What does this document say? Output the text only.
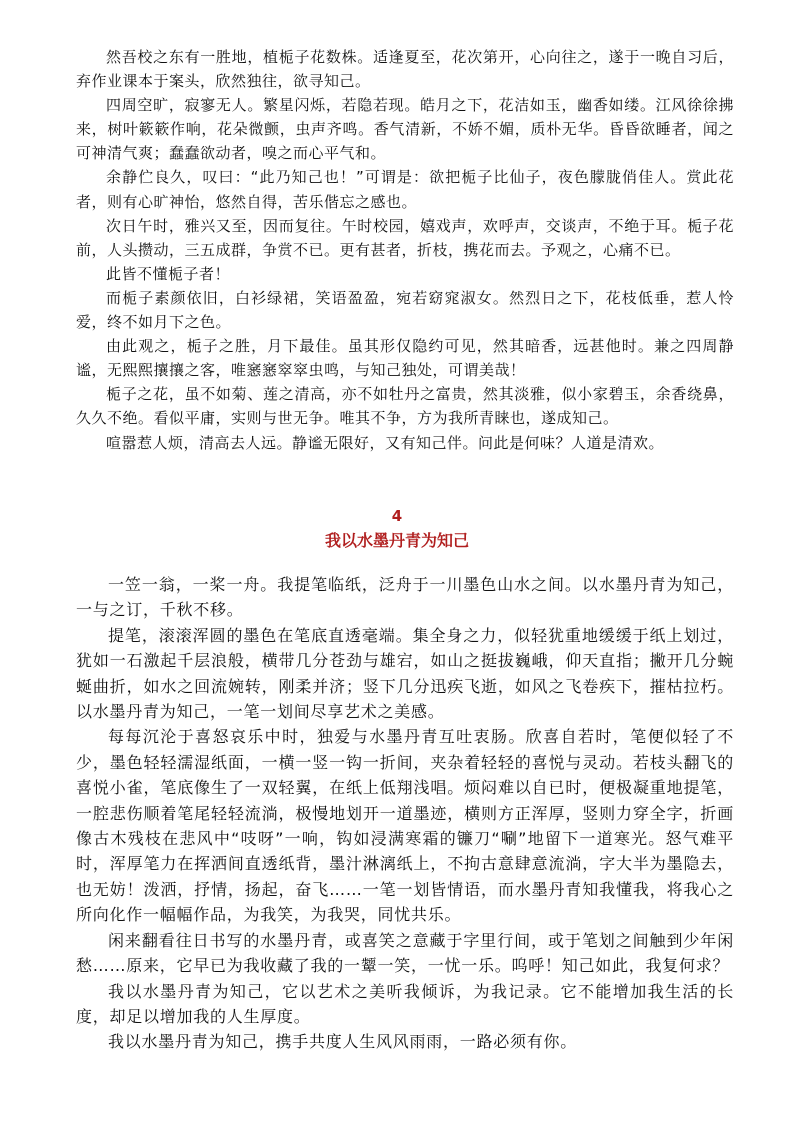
然吾校之东有一胜地，植栀子花数株。适逢夏至，花次第开，心向往之，遂于一晚自习后，弃作业课本于案头，欣然独往，欲寻知己。

四周空旷，寂寥无人。繁星闪烁，若隐若现。皓月之下，花洁如玉，幽香如缕。江风徐徐拂来，树叶簌簌作响，花朵微颤，虫声齐鸣。香气清新，不娇不媚，质朴无华。昏昏欲睡者，闻之可神清气爽；蠢蠢欲动者，嗅之而心平气和。

余静伫良久，叹曰：“此乃知己也！”可谓是：欲把栀子比仙子，夜色朦胧俏佳人。赏此花者，则有心旷神怡，悠然自得，苦乐偕忘之感也。

次日午时，雅兴又至，因而复往。午时校园，嬉戏声，欢呼声，交谈声，不绝于耳。栀子花前，人头攒动，三五成群，争赏不已。更有甚者，折枝，携花而去。予观之，心痛不已。

此皆不懂栀子者！

而栀子素颜依旧，白衫绿裙，笑语盈盈，宛若窈窕淑女。然烈日之下，花枝低垂，惹人怜爱，终不如月下之色。

由此观之，栀子之胜，月下最佳。虽其形仅隐约可见，然其暗香，远甚他时。兼之四周静谧，无熙熙攘攘之客，唯窸窸窣窣虫鸣，与知己独处，可谓美哉！

栀子之花，虽不如菊、莲之清高，亦不如牡丹之富贵，然其淡雅，似小家碧玉，余香绕鼻，久久不绝。看似平庸，实则与世无争。唯其不争，方为我所青睐也，遂成知己。

喧嚣惹人烦，清高去人远。静谧无限好，又有知己伴。问此是何味？人道是清欢。

4

我以水墨丹青为知己

一笠一翁，一桨一舟。我提笔临纸，泛舟于一川墨色山水之间。以水墨丹青为知己，一与之订，千秋不移。

提笔，滚滚浑圆的墨色在笔底直透毫端。集全身之力，似轻犹重地缓缓于纸上划过，犹如一石激起千层浪般，横带几分苍劲与雄宕，如山之挺拔巍峨，仰天直指；撇开几分蜿蜒曲折，如水之回流婉转，刚柔并济；竖下几分迅疾飞逝，如风之飞卷疾下，摧枯拉朽。以水墨丹青为知己，一笔一划间尽享艺术之美感。

每每沉沦于喜怒哀乐中时，独爱与水墨丹青互吐衷肠。欣喜自若时，笔便似轻了不少，墨色轻轻濡湿纸面，一横一竖一钩一折间，夹杂着轻轻的喜悦与灵动。若枝头翻飞的喜悦小雀，笔底像生了一双轻翼，在纸上低翔浅唱。烦闷难以自已时，便极凝重地提笔，一腔悲伤顺着笔尾轻轻流淌，极慢地划开一道墨迹，横则方正浑厚，竖则力穿全字，折画像古木残枝在悲风中“吱呀”一响，钩如浸满寒霜的镰刀“唰”地留下一道寒光。怒气难平时，浑厚笔力在挥洒间直透纸背，墨汁淋漓纸上，不拘古意肆意流淌，字大半为墨隐去，也无妨！泼洒，抒情，扬起，奋飞……一笔一划皆情语，而水墨丹青知我懂我，将我心之所向化作一幅幅作品，为我笑，为我哭，同忧共乐。

闲来翻看往日书写的水墨丹青，或喜笑之意藏于字里行间，或于笔划之间触到少年闲愁……原来，它早已为我收藏了我的一颦一笑，一忧一乐。呜呼！知己如此，我复何求？

我以水墨丹青为知己，它以艺术之美听我倾诉，为我记录。它不能增加我生活的长度，却足以增加我的人生厚度。

我以水墨丹青为知己，携手共度人生风风雨雨，一路必须有你。
